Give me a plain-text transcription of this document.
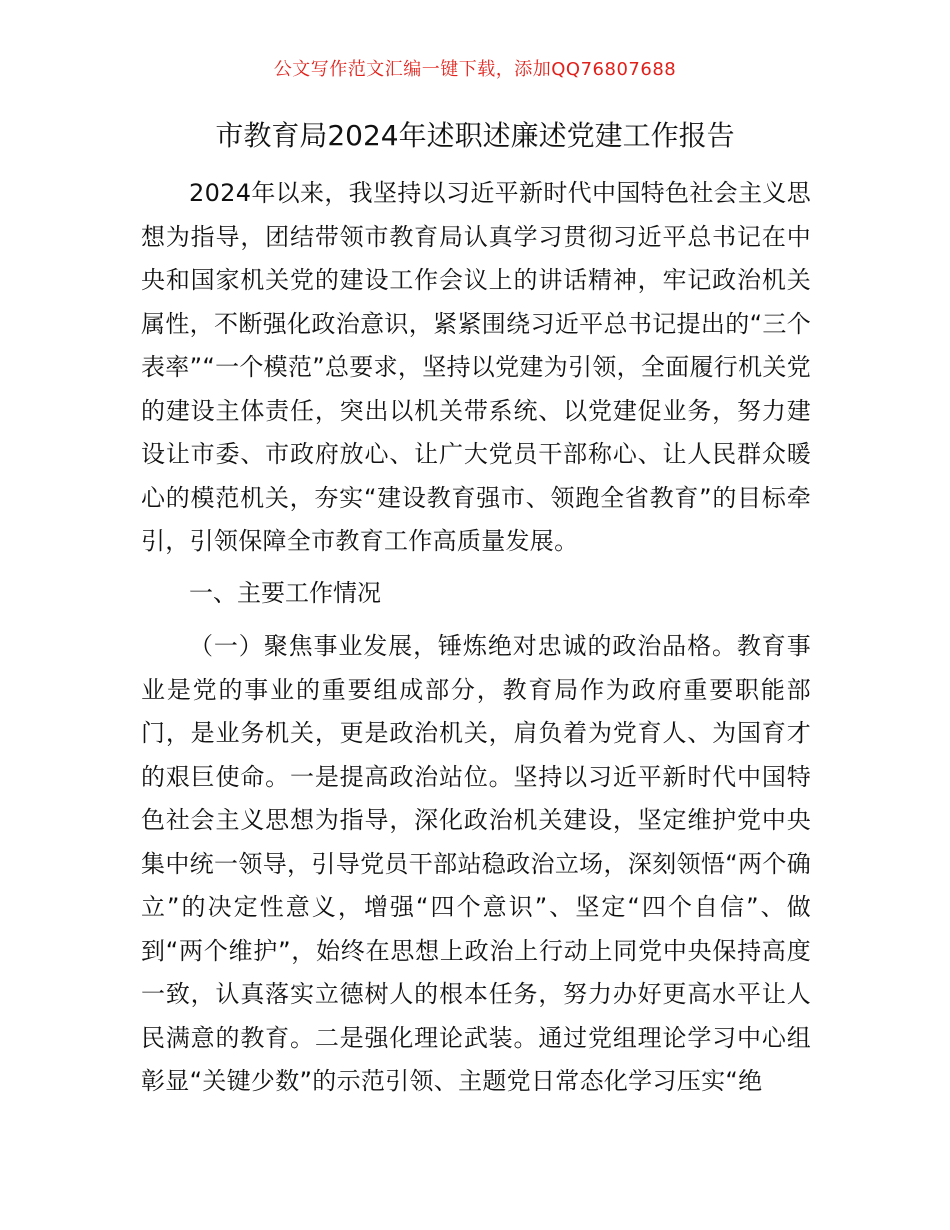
公文写作范文汇编一键下载，添加QQ76807688
市教育局2024年述职述廉述党建工作报告

2024年以来，我坚持以习近平新时代中国特色社会主义思想为指导，团结带领市教育局认真学习贯彻习近平总书记在中央和国家机关党的建设工作会议上的讲话精神，牢记政治机关属性，不断强化政治意识，紧紧围绕习近平总书记提出的“三个表率”“一个模范”总要求，坚持以党建为引领，全面履行机关党的建设主体责任，突出以机关带系统、以党建促业务，努力建设让市委、市政府放心、让广大党员干部称心、让人民群众暖心的模范机关，夯实“建设教育强市、领跑全省教育”的目标牵引，引领保障全市教育工作高质量发展。

一、主要工作情况

（一）聚焦事业发展，锤炼绝对忠诚的政治品格。教育事业是党的事业的重要组成部分，教育局作为政府重要职能部门，是业务机关，更是政治机关，肩负着为党育人、为国育才的艰巨使命。一是提高政治站位。坚持以习近平新时代中国特色社会主义思想为指导，深化政治机关建设，坚定维护党中央集中统一领导，引导党员干部站稳政治立场，深刻领悟“两个确立”的决定性意义，增强“四个意识”、坚定“四个自信”、做到“两个维护”，始终在思想上政治上行动上同党中央保持高度一致，认真落实立德树人的根本任务，努力办好更高水平让人民满意的教育。二是强化理论武装。通过党组理论学习中心组彰显“关键少数”的示范引领、主题党日常态化学习压实“绝
